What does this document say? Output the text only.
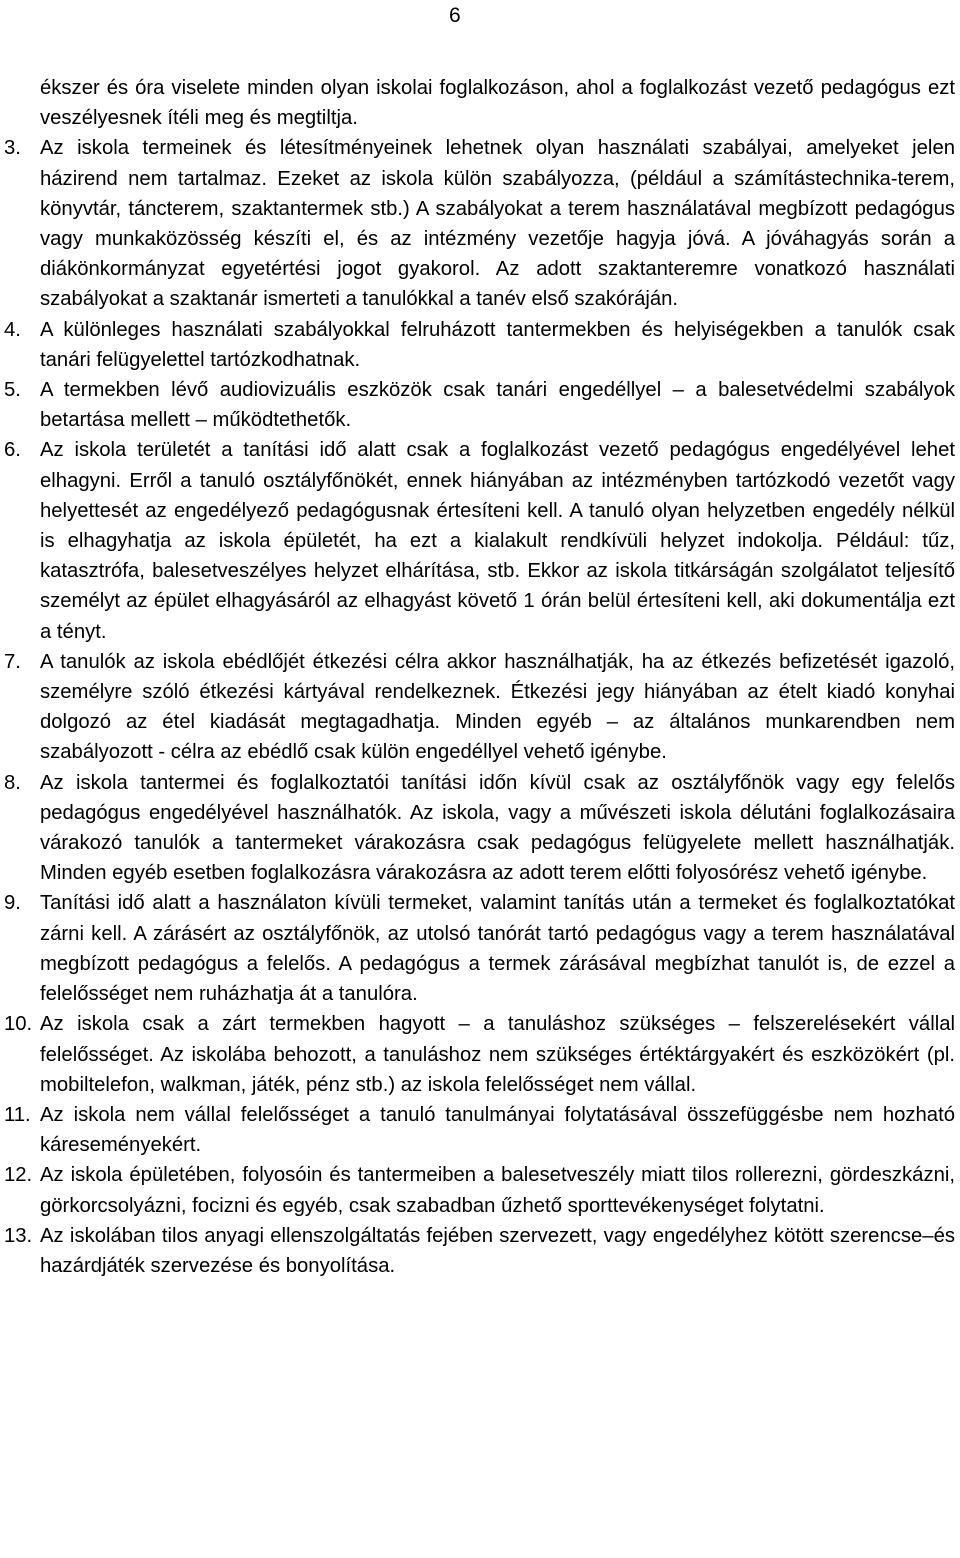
6
ékszer és óra viselete minden olyan iskolai foglalkozáson, ahol a foglalkozást vezető pedagógus ezt veszélyesnek ítéli meg és megtiltja.
3. Az iskola termeinek és létesítményeinek lehetnek olyan használati szabályai, amelyeket jelen házirend nem tartalmaz. Ezeket az iskola külön szabályozza, (például a számítástechnika-terem, könyvtár, táncterem, szaktantermek stb.) A szabályokat a terem használatával megbízott pedagógus vagy munkaközösség készíti el, és az intézmény vezetője hagyja jóvá. A jóváhagyás során a diákönkormányzat egyetértési jogot gyakorol. Az adott szaktanteremre vonatkozó használati szabályokat a szaktanár ismerteti a tanulókkal a tanév első szakóráján.
4. A különleges használati szabályokkal felruházott tantermekben és helyiségekben a tanulók csak tanári felügyelettel tartózkodhatnak.
5. A termekben lévő audiovizuális eszközök csak tanári engedéllyel – a balesetvédelmi szabályok betartása mellett – működtethetők.
6. Az iskola területét a tanítási idő alatt csak a foglalkozást vezető pedagógus engedélyével lehet elhagyni. Erről a tanuló osztályfőnökét, ennek hiányában az intézményben tartózkodó vezetőt vagy helyettesét az engedélyező pedagógusnak értesíteni kell. A tanuló olyan helyzetben engedély nélkül is elhagyhatja az iskola épületét, ha ezt a kialakult rendkívüli helyzet indokolja. Például: tűz, katasztrófa, balesetveszélyes helyzet elhárítása, stb. Ekkor az iskola titkárságán szolgálatot teljesítő személyt az épület elhagyásáról az elhagyást követő 1 órán belül értesíteni kell, aki dokumentálja ezt a tényt.
7. A tanulók az iskola ebédlőjét étkezési célra akkor használhatják, ha az étkezés befizetését igazoló, személyre szóló étkezési kártyával rendelkeznek. Étkezési jegy hiányában az ételt kiadó konyhai dolgozó az étel kiadását megtagadhatja. Minden egyéb – az általános munkarendben nem szabályozott - célra az ebédlő csak külön engedéllyel vehető igénybe.
8. Az iskola tantermei és foglalkoztatói tanítási időn kívül csak az osztályfőnök vagy egy felelős pedagógus engedélyével használhatók. Az iskola, vagy a művészeti iskola délutáni foglalkozásaira várakozó tanulók a tantermeket várakozásra csak pedagógus felügyelete mellett használhatják. Minden egyéb esetben foglalkozásra várakozásra az adott terem előtti folyosórész vehető igénybe.
9. Tanítási idő alatt a használaton kívüli termeket, valamint tanítás után a termeket és foglalkoztatókat zárni kell. A zárásért az osztályfőnök, az utolsó tanórát tartó pedagógus vagy a terem használatával megbízott pedagógus a felelős. A pedagógus a termek zárásával megbízhat tanulót is, de ezzel a felelősséget nem ruházhatja át a tanulóra.
10. Az iskola csak a zárt termekben hagyott – a tanuláshoz szükséges – felszerelésekért vállal felelősséget. Az iskolába behozott, a tanuláshoz nem szükséges értéktárgyakért és eszközökért (pl. mobiltelefon, walkman, játék, pénz stb.) az iskola felelősséget nem vállal.
11. Az iskola nem vállal felelősséget a tanuló tanulmányai folytatásával összefüggésbe nem hozható káreseményekért.
12. Az iskola épületében, folyosóin és tantermeiben a balesetveszély miatt tilos rollerezni, gördeszkázni, görkorcsolyázni, focizni és egyéb, csak szabadban űzhető sporttevékenységet folytatni.
13. Az iskolában tilos anyagi ellenszolgáltatás fejében szervezett, vagy engedélyhez kötött szerencse–és hazárdjáték szervezése és bonyolítása.
